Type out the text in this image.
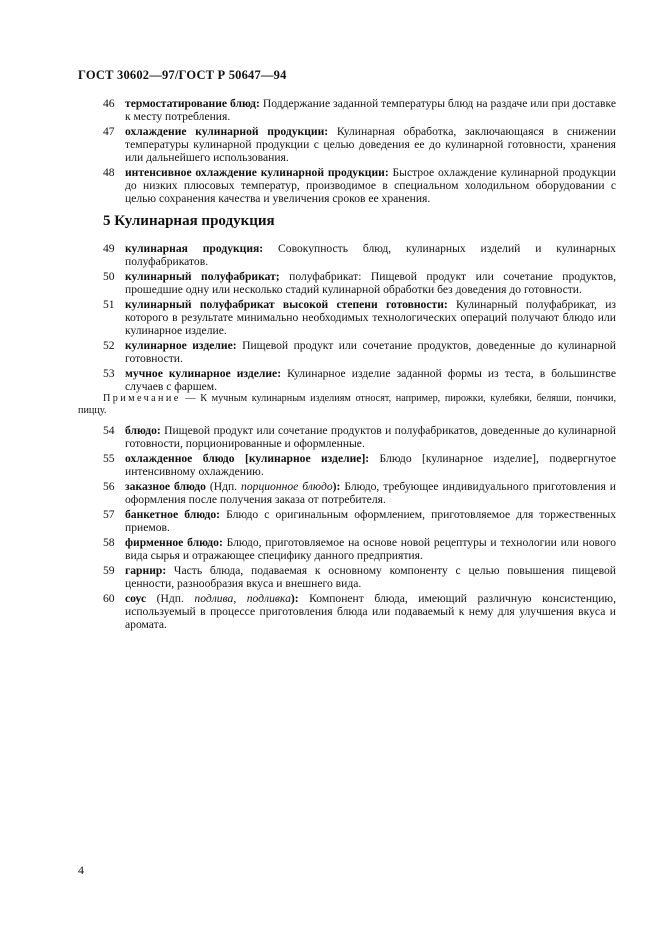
ГОСТ 30602—97/ГОСТ Р 50647—94
46 термостатирование блюд: Поддержание заданной температуры блюд на раздаче или при доставке к месту потребления.
47 охлаждение кулинарной продукции: Кулинарная обработка, заключающаяся в снижении температуры кулинарной продукции с целью доведения ее до кулинарной готовности, хранения или дальнейшего использования.
48 интенсивное охлаждение кулинарной продукции: Быстрое охлаждение кулинарной продукции до низких плюсовых температур, производимое в специальном холодильном оборудовании с целью сохранения качества и увеличения сроков ее хранения.
5 Кулинарная продукция
49 кулинарная продукция: Совокупность блюд, кулинарных изделий и кулинарных полуфабрикатов.
50 кулинарный полуфабрикат; полуфабрикат: Пищевой продукт или сочетание продуктов, прошедшие одну или несколько стадий кулинарной обработки без доведения до готовности.
51 кулинарный полуфабрикат высокой степени готовности: Кулинарный полуфабрикат, из которого в результате минимально необходимых технологических операций получают блюдо или кулинарное изделие.
52 кулинарное изделие: Пищевой продукт или сочетание продуктов, доведенные до кулинарной готовности.
53 мучное кулинарное изделие: Кулинарное изделие заданной формы из теста, в большинстве случаев с фаршем.
Примечание — К мучным кулинарным изделиям относят, например, пирожки, кулебяки, беляши, пончики, пиццу.
54 блюдо: Пищевой продукт или сочетание продуктов и полуфабрикатов, доведенные до кулинарной готовности, порционированные и оформленные.
55 охлажденное блюдо [кулинарное изделие]: Блюдо [кулинарное изделие], подвергнутое интенсивному охлаждению.
56 заказное блюдо (Ндп. порционное блюдо): Блюдо, требующее индивидуального приготовления и оформления после получения заказа от потребителя.
57 банкетное блюдо: Блюдо с оригинальным оформлением, приготовляемое для торжественных приемов.
58 фирменное блюдо: Блюдо, приготовляемое на основе новой рецептуры и технологии или нового вида сырья и отражающее специфику данного предприятия.
59 гарнир: Часть блюда, подаваемая к основному компоненту с целью повышения пищевой ценности, разнообразия вкуса и внешнего вида.
60 соус (Ндп. подлива, подливка): Компонент блюда, имеющий различную консистенцию, используемый в процессе приготовления блюда или подаваемый к нему для улучшения вкуса и аромата.
4
